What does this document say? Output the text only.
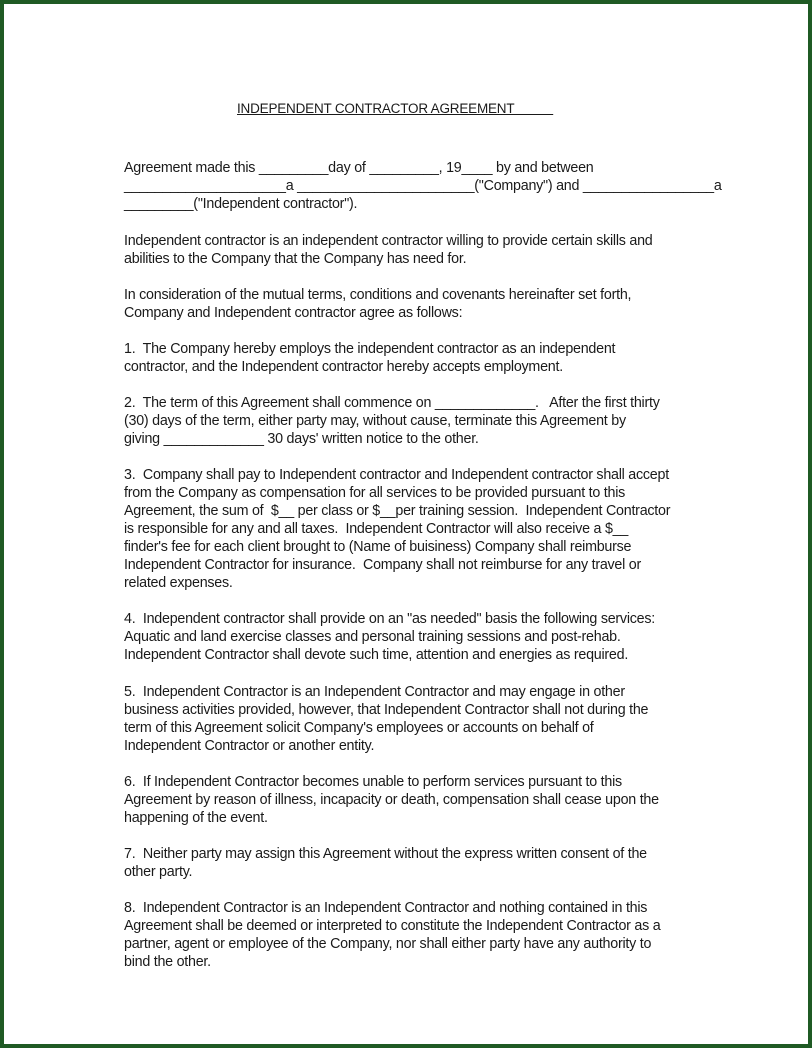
INDEPENDENT CONTRACTOR AGREEMENT
Agreement made this _________day of _________, 19____ by and between
_____________________a _______________________("Company") and _________________a
_________("Independent contractor").
Independent contractor is an independent contractor willing to provide certain skills and
abilities to the Company that the Company has need for.
In consideration of the mutual terms, conditions and covenants hereinafter set forth,
Company and Independent contractor agree as follows:
1.  The Company hereby employs the independent contractor as an independent
contractor, and the Independent contractor hereby accepts employment.
2.  The term of this Agreement shall commence on _____________.   After the first thirty
(30) days of the term, either party may, without cause, terminate this Agreement by
giving _____________ 30 days' written notice to the other.
3.  Company shall pay to Independent contractor and Independent contractor shall accept
from the Company as compensation for all services to be provided pursuant to this
Agreement, the sum of  $__ per class or $__per training session.  Independent Contractor
is responsible for any and all taxes.  Independent Contractor will also receive a $__
finder's fee for each client brought to (Name of buisiness) Company shall reimburse
Independent Contractor for insurance.  Company shall not reimburse for any travel or
related expenses.
4.  Independent contractor shall provide on an "as needed" basis the following services:
Aquatic and land exercise classes and personal training sessions and post-rehab.
Independent Contractor shall devote such time, attention and energies as required.
5.  Independent Contractor is an Independent Contractor and may engage in other
business activities provided, however, that Independent Contractor shall not during the
term of this Agreement solicit Company's employees or accounts on behalf of
Independent Contractor or another entity.
6.  If Independent Contractor becomes unable to perform services pursuant to this
Agreement by reason of illness, incapacity or death, compensation shall cease upon the
happening of the event.
7.  Neither party may assign this Agreement without the express written consent of the
other party.
8.  Independent Contractor is an Independent Contractor and nothing contained in this
Agreement shall be deemed or interpreted to constitute the Independent Contractor as a
partner, agent or employee of the Company, nor shall either party have any authority to
bind the other.
